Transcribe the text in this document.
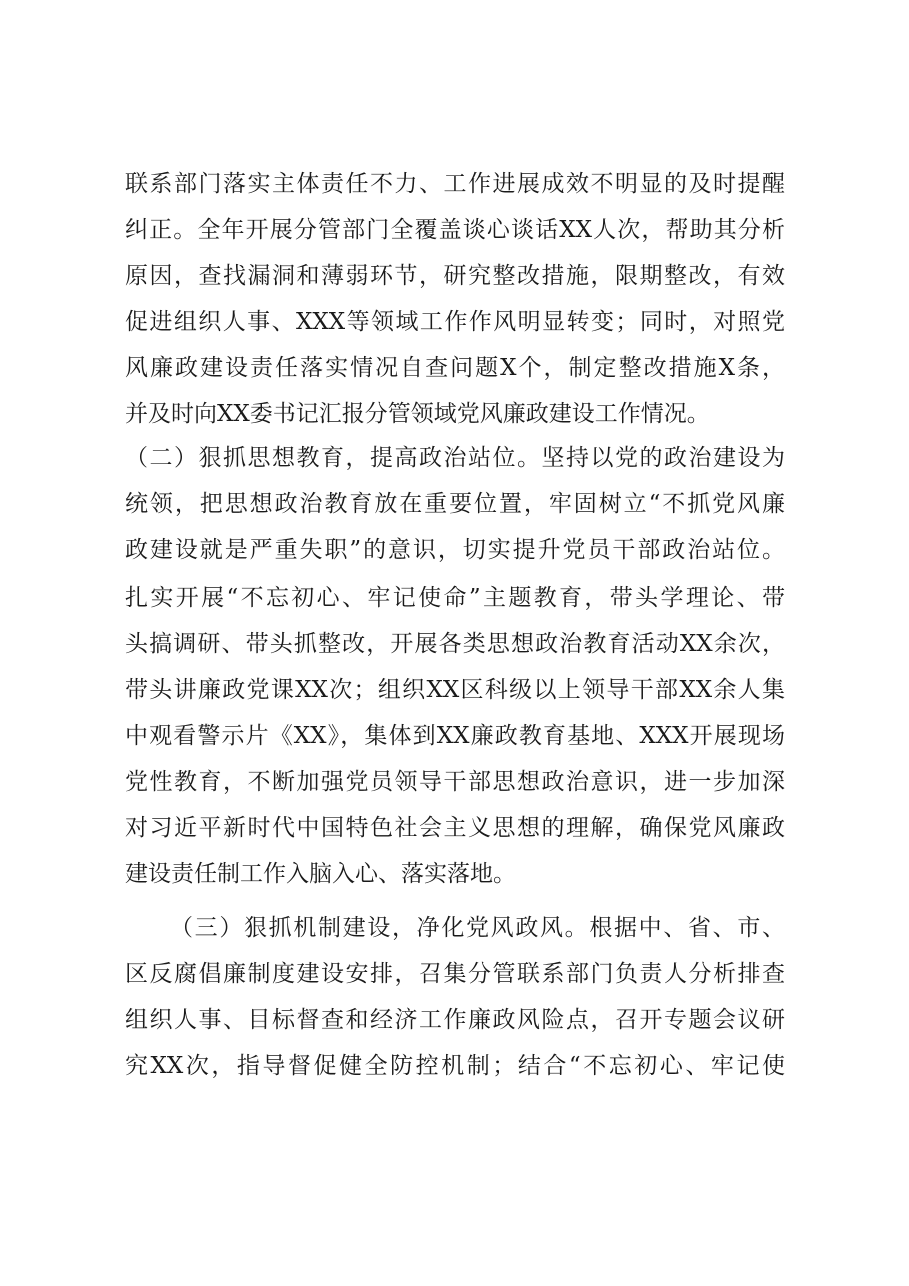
联系部门落实主体责任不力、工作进展成效不明显的及时提醒
纠正。全年开展分管部门全覆盖谈心谈话XX人次，帮助其分析
原因，查找漏洞和薄弱环节，研究整改措施，限期整改，有效
促进组织人事、XXX等领域工作作风明显转变；同时，对照党
风廉政建设责任落实情况自查问题X个，制定整改措施X条，
并及时向XX委书记汇报分管领域党风廉政建设工作情况。
（二）狠抓思想教育，提高政治站位。坚持以党的政治建设为
统领，把思想政治教育放在重要位置，牢固树立“不抓党风廉
政建设就是严重失职”的意识，切实提升党员干部政治站位。
扎实开展“不忘初心、牢记使命”主题教育，带头学理论、带
头搞调研、带头抓整改，开展各类思想政治教育活动XX余次，
带头讲廉政党课XX次；组织XX区科级以上领导干部XX余人集
中观看警示片《XX》，集体到XX廉政教育基地、XXX开展现场
党性教育，不断加强党员领导干部思想政治意识，进一步加深
对习近平新时代中国特色社会主义思想的理解，确保党风廉政
建设责任制工作入脑入心、落实落地。
（三）狠抓机制建设，净化党风政风。根据中、省、市、
区反腐倡廉制度建设安排，召集分管联系部门负责人分析排查
组织人事、目标督查和经济工作廉政风险点，召开专题会议研
究XX次，指导督促健全防控机制；结合“不忘初心、牢记使
